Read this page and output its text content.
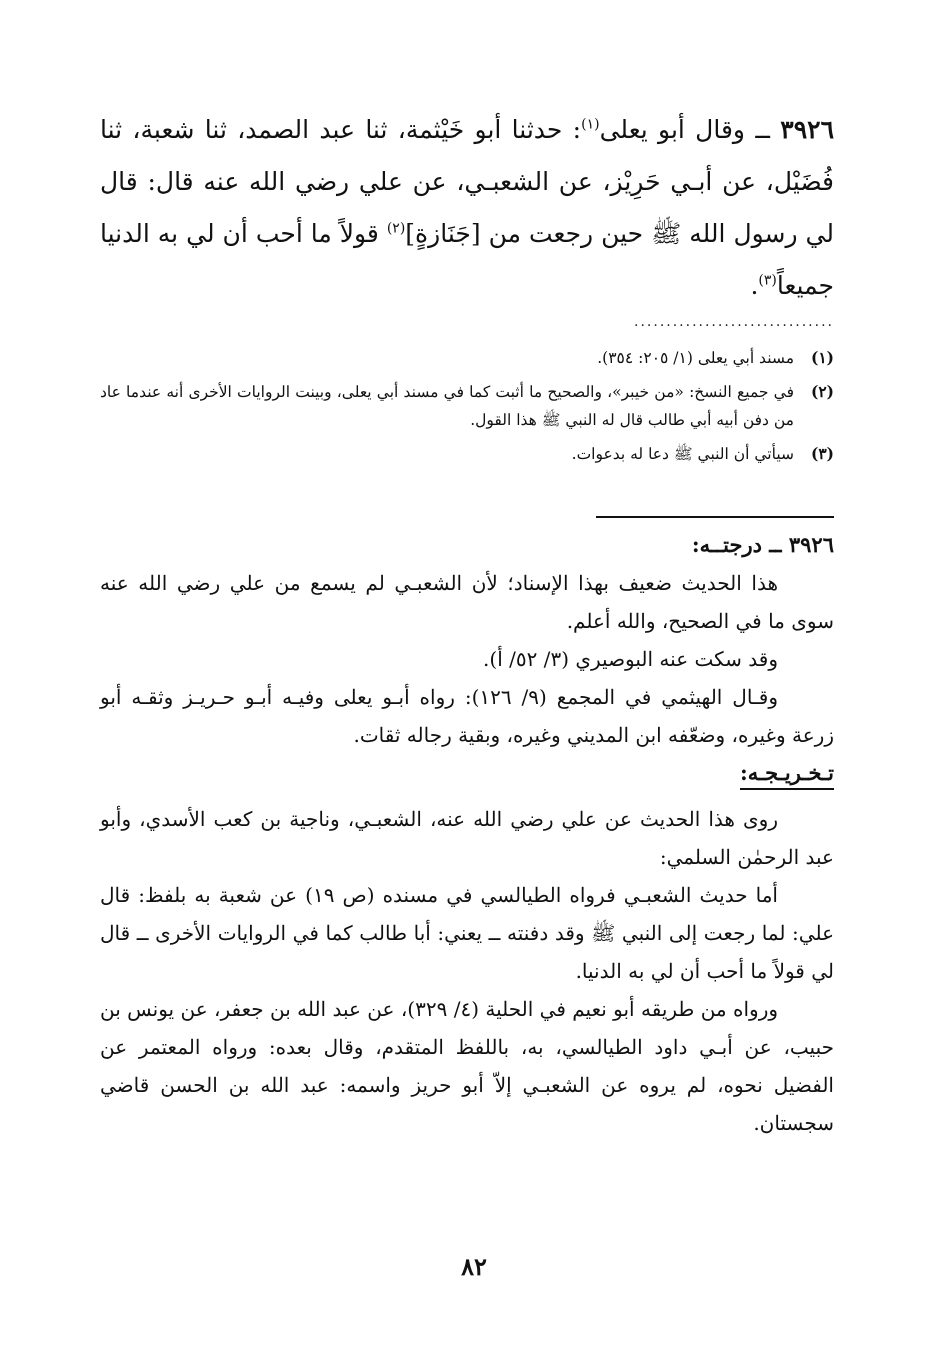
٣٩٢٦ ــ وقال أبو يعلى$^{(١)}$: حدثنا أبو خَيْثمة، ثنا عبد الصمد، ثنا شعبة، ثنا فُضَيْل، عن أبـي حَرِيْز، عن الشعبـي، عن علي رضي الله عنه قال: قال لي رسول الله ﷺ حين رجعت من [جَنَازةٍ]$^{(٢)}$ قولاً ما أحب أن لي به الدنيا جميعاً$^{(٣)}$.

...............................
(١)
مسند أبي يعلى (١/ ٢٠٥: ٣٥٤).
(٢)
في جميع النسخ: «من خيبر»، والصحيح ما أثبت كما في مسند أبي يعلى، وبينت الروايات الأخرى أنه عندما عاد من دفن أبيه أبي طالب قال له النبي ﷺ هذا القول.
(٣)
سيأتي أن النبي ﷺ دعا له بدعوات.

٣٩٢٦ ــ درجتــه:

هذا الحديث ضعيف بهذا الإسناد؛ لأن الشعبـي لم يسمع من علي رضي الله عنه سوى ما في الصحيح، والله أعلم.

وقد سكت عنه البوصيري (٣/ ٥٢/ أ).

وقـال الهيثمي في المجمع (٩/ ١٢٦): رواه أبـو يعلى وفيـه أبـو حـريـز وثقـه أبو زرعة وغيره، وضعّفه ابن المديني وغيره، وبقية رجاله ثقات.

تـخـريـجـه:

روى هذا الحديث عن علي رضي الله عنه، الشعبـي، وناجية بن كعب الأسدي، وأبو عبد الرحمٰن السلمي:

أما حديث الشعبـي فرواه الطيالسي في مسنده (ص ١٩) عن شعبة به بلفظ: قال علي: لما رجعت إلى النبي ﷺ وقد دفنته ــ يعني: أبا طالب كما في الروايات الأخرى ــ قال لي قولاً ما أحب أن لي به الدنيا.

ورواه من طريقه أبو نعيم في الحلية (٤/ ٣٢٩)، عن عبد الله بن جعفر، عن يونس بن حبيب، عن أبـي داود الطيالسي، به، باللفظ المتقدم، وقال بعده: ورواه المعتمر عن الفضيل نحوه، لم يروه عن الشعبـي إلاّ أبو حريز واسمه: عبد الله بن الحسن قاضي سجستان.

٨٢
